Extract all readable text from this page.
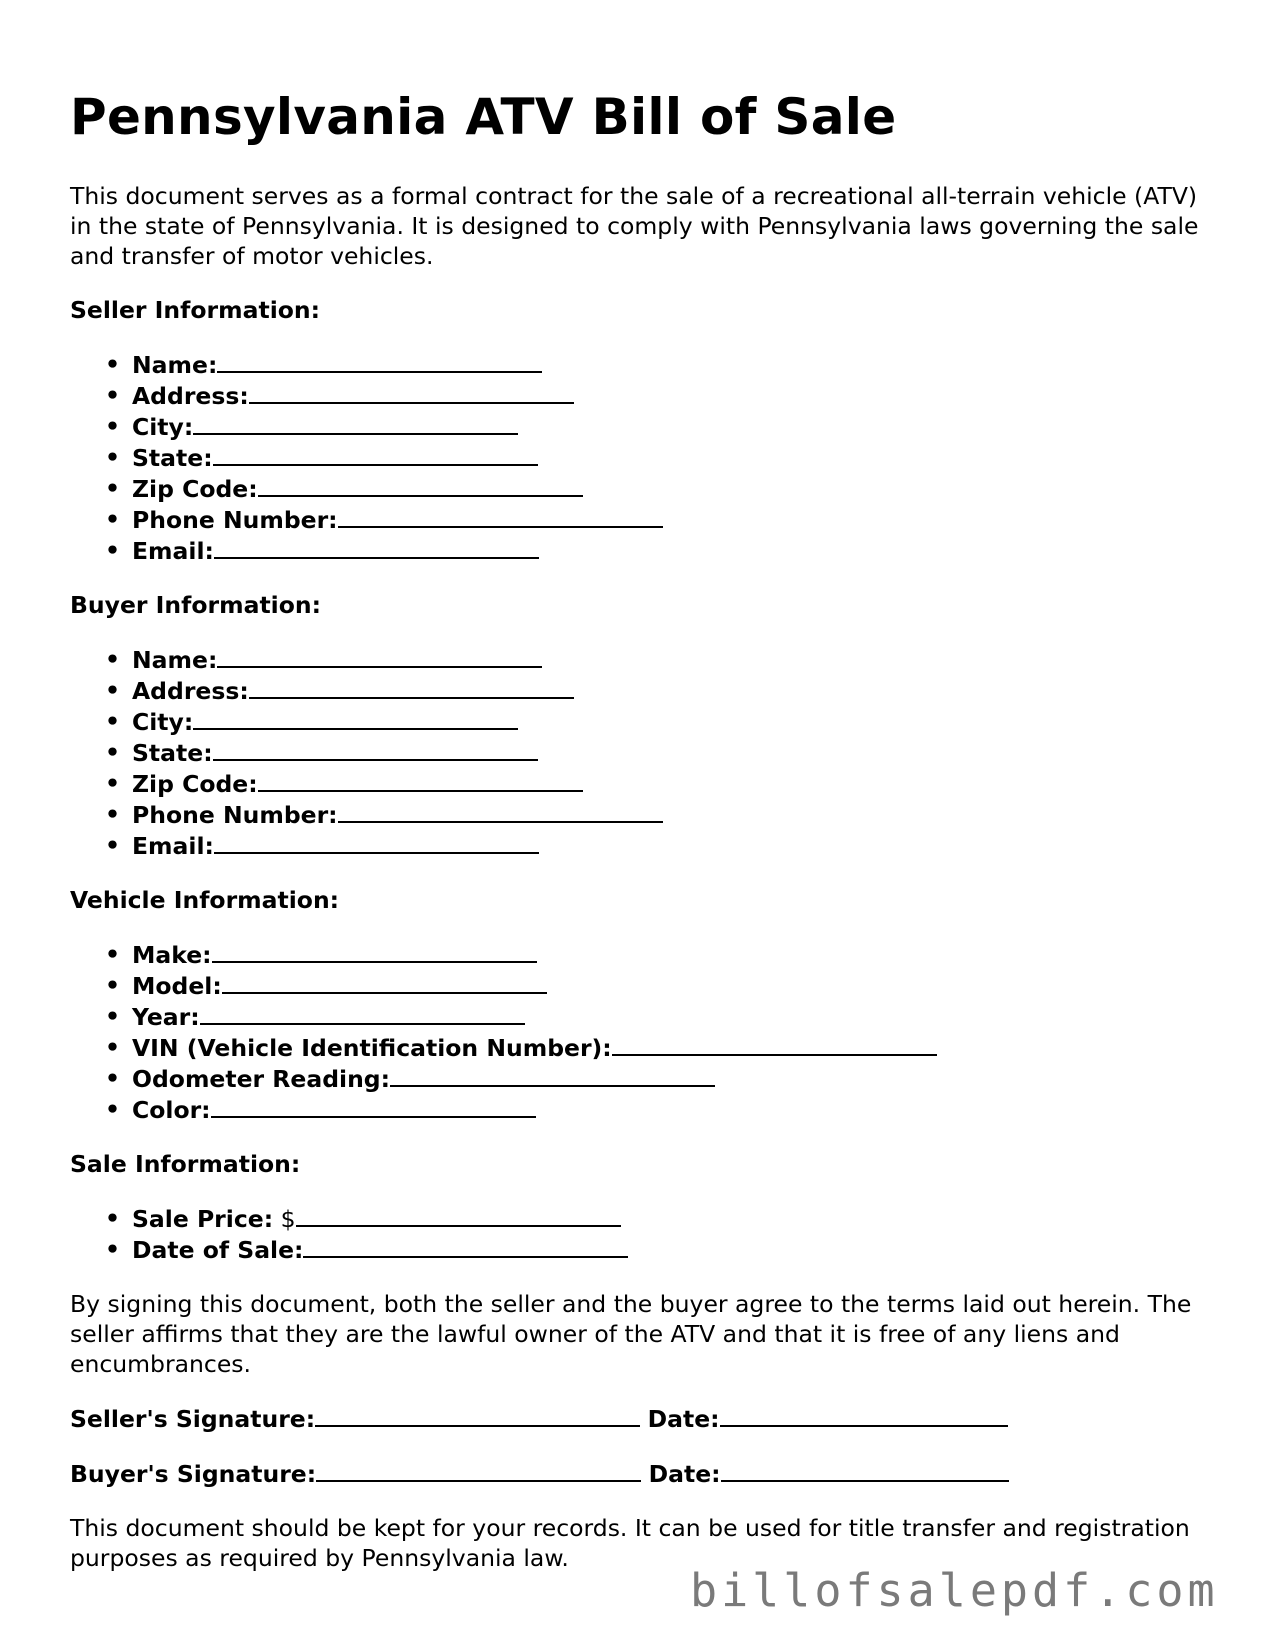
Pennsylvania ATV Bill of Sale

This document serves as a formal contract for the sale of a recreational all-terrain vehicle (ATV) in the state of Pennsylvania. It is designed to comply with Pennsylvania laws governing the sale and transfer of motor vehicles.

Seller Information:
• Name:
• Address:
• City:
• State:
• Zip Code:
• Phone Number:
• Email:
Buyer Information:
• Name:
• Address:
• City:
• State:
• Zip Code:
• Phone Number:
• Email:
Vehicle Information:
• Make:
• Model:
• Year:
• VIN (Vehicle Identification Number):
• Odometer Reading:
• Color:
Sale Information:
• Sale Price: $
• Date of Sale:

By signing this document, both the seller and the buyer agree to the terms laid out herein. The seller affirms that they are the lawful owner of the ATV and that it is free of any liens and encumbrances.

Seller's Signature:	Date:
Buyer's Signature:	Date:

This document should be kept for your records. It can be used for title transfer and registration purposes as required by Pennsylvania law.

billofsalepdf.com
